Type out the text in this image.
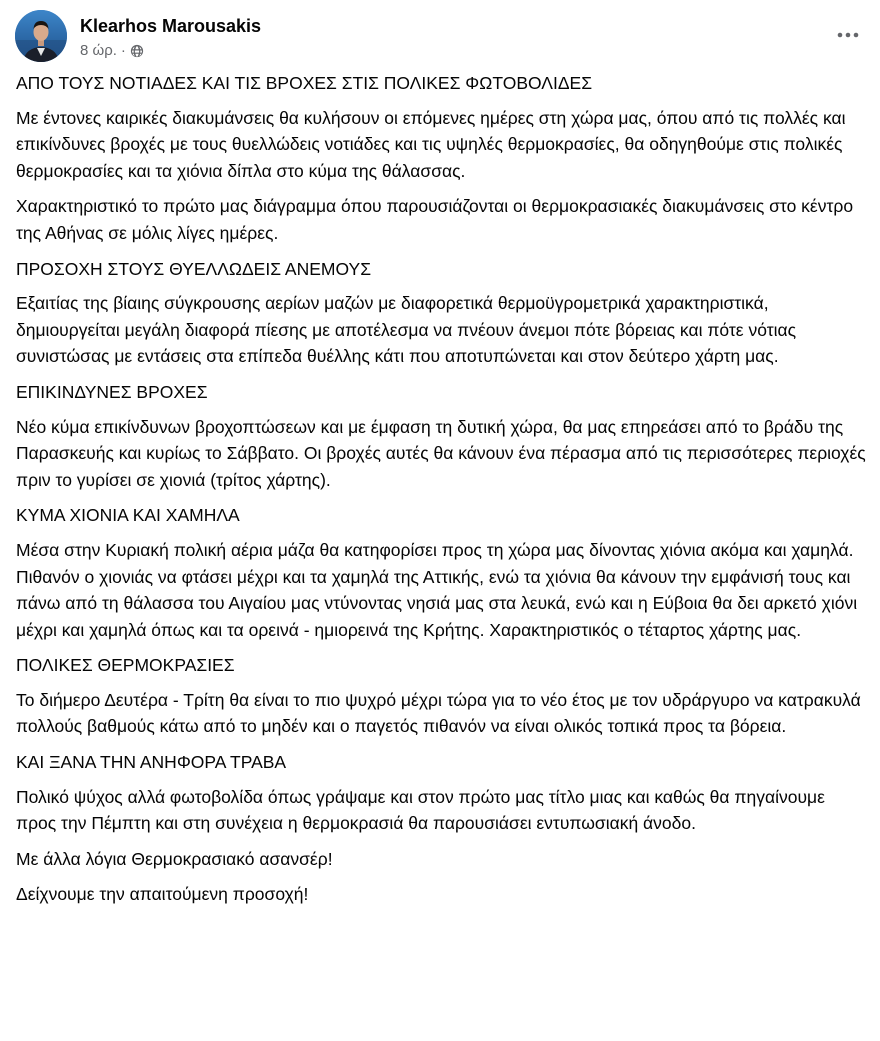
Klearhos Marousakis
8 ώρ. ·

ΑΠΟ ΤΟΥΣ ΝΟΤΙΑΔΕΣ ΚΑΙ ΤΙΣ ΒΡΟΧΕΣ ΣΤΙΣ ΠΟΛΙΚΕΣ ΦΩΤΟΒΟΛΙΔΕΣ

Με έντονες καιρικές διακυμάνσεις θα κυλήσουν οι επόμενες ημέρες στη χώρα μας, όπου από τις πολλές και επικίνδυνες βροχές με τους θυελλώδεις νοτιάδες και τις υψηλές θερμοκρασίες, θα οδηγηθούμε στις πολικές θερμοκρασίες και τα χιόνια δίπλα στο κύμα της θάλασσας.

Χαρακτηριστικό το πρώτο μας διάγραμμα όπου παρουσιάζονται οι θερμοκρασιακές διακυμάνσεις στο κέντρο της Αθήνας σε μόλις λίγες ημέρες.

ΠΡΟΣΟΧΗ ΣΤΟΥΣ ΘΥΕΛΛΩΔΕΙΣ ΑΝΕΜΟΥΣ

Εξαιτίας της βίαιης σύγκρουσης αερίων μαζών με διαφορετικά θερμοϋγρομετρικά χαρακτηριστικά, δημιουργείται μεγάλη διαφορά πίεσης με αποτέλεσμα να πνέουν άνεμοι πότε βόρειας και πότε νότιας συνιστώσας με εντάσεις στα επίπεδα θυέλλης κάτι που αποτυπώνεται και στον δεύτερο χάρτη μας.

ΕΠΙΚΙΝΔΥΝΕΣ ΒΡΟΧΕΣ

Νέο κύμα επικίνδυνων βροχοπτώσεων και με έμφαση τη δυτική χώρα, θα μας επηρεάσει από το βράδυ της Παρασκευής και κυρίως το Σάββατο. Οι βροχές αυτές θα κάνουν ένα πέρασμα από τις περισσότερες περιοχές πριν το γυρίσει σε χιονιά (τρίτος χάρτης).

ΚΥΜΑ ΧΙΟΝΙΑ ΚΑΙ ΧΑΜΗΛΑ

Μέσα στην Κυριακή πολική αέρια μάζα θα κατηφορίσει προς τη χώρα μας δίνοντας χιόνια ακόμα και χαμηλά. Πιθανόν ο χιονιάς να φτάσει μέχρι και τα χαμηλά της Αττικής, ενώ τα χιόνια θα κάνουν την εμφάνισή τους και πάνω από τη θάλασσα του Αιγαίου μας ντύνοντας νησιά μας στα λευκά, ενώ και η Εύβοια θα δει αρκετό χιόνι μέχρι και χαμηλά όπως και τα ορεινά - ημιορεινά της Κρήτης. Χαρακτηριστικός ο τέταρτος χάρτης μας.

ΠΟΛΙΚΕΣ ΘΕΡΜΟΚΡΑΣΙΕΣ

Το διήμερο Δευτέρα - Τρίτη θα είναι το πιο ψυχρό μέχρι τώρα για το νέο έτος με τον υδράργυρο να κατρακυλά πολλούς βαθμούς κάτω από το μηδέν και ο παγετός πιθανόν να είναι ολικός τοπικά προς τα βόρεια.

ΚΑΙ ΞΑΝΑ ΤΗΝ ΑΝΗΦΟΡΑ ΤΡΑΒΑ

Πολικό ψύχος αλλά φωτοβολίδα όπως γράψαμε και στον πρώτο μας τίτλο μιας και καθώς θα πηγαίνουμε προς την Πέμπτη και στη συνέχεια η θερμοκρασιά θα παρουσιάσει εντυπωσιακή άνοδο.

Με άλλα λόγια Θερμοκρασιακό ασανσέρ!

Δείχνουμε την απαιτούμενη προσοχή!
